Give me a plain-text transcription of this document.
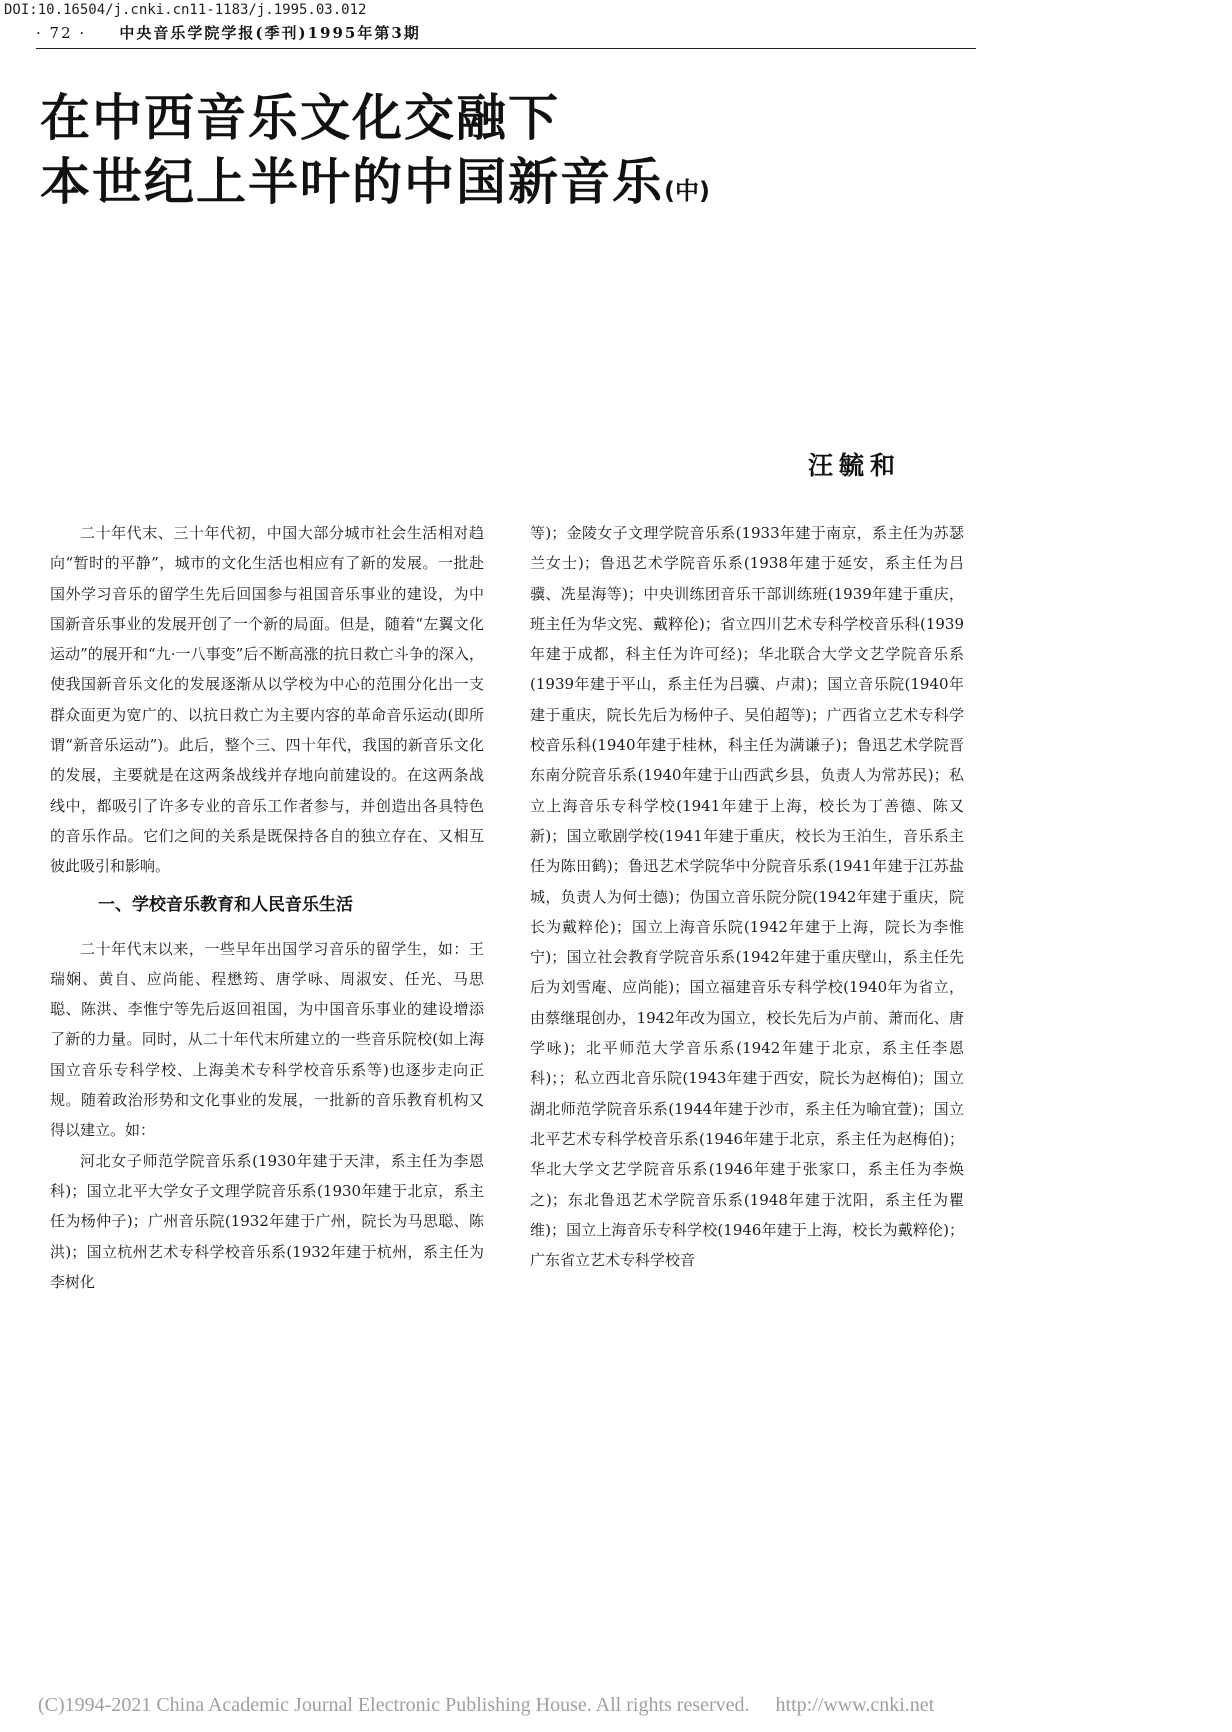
DOI:10.16504/j.cnki.cn11-1183/j.1995.03.012
· 72 · 中央音乐学院学报(季刊)1995年第3期
在中西音乐文化交融下
本世纪上半叶的中国新音乐(中)
汪毓和

二十年代末、三十年代初，中国大部分城市社会生活相对趋向“暂时的平静”，城市的文化生活也相应有了新的发展。一批赴国外学习音乐的留学生先后回国参与祖国音乐事业的建设，为中国新音乐事业的发展开创了一个新的局面。但是，随着“左翼文化运动”的展开和“九·一八事变”后不断高涨的抗日救亡斗争的深入，使我国新音乐文化的发展逐渐从以学校为中心的范围分化出一支群众面更为宽广的、以抗日救亡为主要内容的革命音乐运动(即所谓“新音乐运动”)。此后，整个三、四十年代，我国的新音乐文化的发展，主要就是在这两条战线并存地向前建设的。在这两条战线中，都吸引了许多专业的音乐工作者参与，并创造出各具特色的音乐作品。它们之间的关系是既保持各自的独立存在、又相互彼此吸引和影响。

一、学校音乐教育和人民音乐生活

二十年代末以来，一些早年出国学习音乐的留学生，如：王瑞娴、黄自、应尚能、程懋筠、唐学咏、周淑安、任光、马思聪、陈洪、李惟宁等先后返回祖国，为中国音乐事业的建设增添了新的力量。同时，从二十年代末所建立的一些音乐院校(如上海国立音乐专科学校、上海美术专科学校音乐系等)也逐步走向正规。随着政治形势和文化事业的发展，一批新的音乐教育机构又得以建立。如：

河北女子师范学院音乐系(1930年建于天津，系主任为李恩科)；国立北平大学女子文理学院音乐系(1930年建于北京，系主任为杨仲子)；广州音乐院(1932年建于广州，院长为马思聪、陈洪)；国立杭州艺术专科学校音乐系(1932年建于杭州，系主任为李树化

等)；金陵女子文理学院音乐系(1933年建于南京，系主任为苏瑟兰女士)；鲁迅艺术学院音乐系(1938年建于延安，系主任为吕骥、冼星海等)；中央训练团音乐干部训练班(1939年建于重庆，班主任为华文宪、戴粹伦)；省立四川艺术专科学校音乐科(1939年建于成都，科主任为许可经)；华北联合大学文艺学院音乐系(1939年建于平山，系主任为吕骥、卢肃)；国立音乐院(1940年建于重庆，院长先后为杨仲子、吴伯超等)；广西省立艺术专科学校音乐科(1940年建于桂林，科主任为满谦子)；鲁迅艺术学院晋东南分院音乐系(1940年建于山西武乡县，负责人为常苏民)；私立上海音乐专科学校(1941年建于上海，校长为丁善德、陈又新)；国立歌剧学校(1941年建于重庆，校长为王泊生，音乐系主任为陈田鹤)；鲁迅艺术学院华中分院音乐系(1941年建于江苏盐城，负责人为何士德)；伪国立音乐院分院(1942年建于重庆，院长为戴粹伦)；国立上海音乐院(1942年建于上海，院长为李惟宁)；国立社会教育学院音乐系(1942年建于重庆壁山，系主任先后为刘雪庵、应尚能)；国立福建音乐专科学校(1940年为省立，由蔡继琨创办，1942年改为国立，校长先后为卢前、萧而化、唐学咏)；北平师范大学音乐系(1942年建于北京，系主任李恩科)；；私立西北音乐院(1943年建于西安，院长为赵梅伯)；国立湖北师范学院音乐系(1944年建于沙市，系主任为喻宜萱)；国立北平艺术专科学校音乐系(1946年建于北京，系主任为赵梅伯)；华北大学文艺学院音乐系(1946年建于张家口，系主任为李焕之)；东北鲁迅艺术学院音乐系(1948年建于沈阳，系主任为瞿维)；国立上海音乐专科学校(1946年建于上海，校长为戴粹伦)；广东省立艺术专科学校音

(C)1994-2021 China Academic Journal Electronic Publishing House. All rights reserved. http://www.cnki.net
